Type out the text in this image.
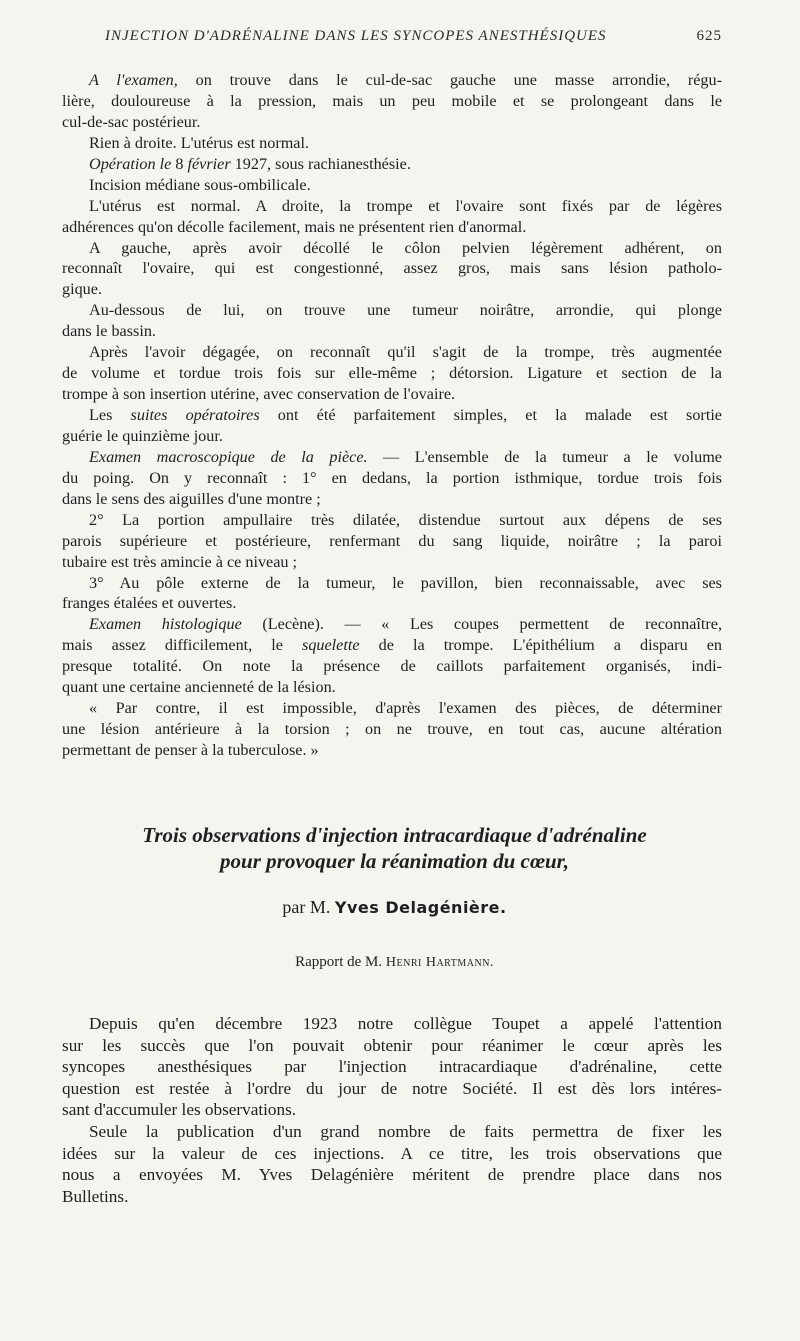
INJECTION D'ADRÉNALINE DANS LES SYNCOPES ANESTHÉSIQUES	625
A l'examen, on trouve dans le cul-de-sac gauche une masse arrondie, régu-
lière, douloureuse à la pression, mais un peu mobile et se prolongeant dans le
cul-de-sac postérieur.
Rien à droite. L'utérus est normal.
Opération le 8 février 1927, sous rachianesthésie.
Incision médiane sous-ombilicale.
L'utérus est normal. A droite, la trompe et l'ovaire sont fixés par de légères
adhérences qu'on décolle facilement, mais ne présentent rien d'anormal.
A gauche, après avoir décollé le côlon pelvien légèrement adhérent, on
reconnaît l'ovaire, qui est congestionné, assez gros, mais sans lésion patholo-
gique.
Au-dessous de lui, on trouve une tumeur noirâtre, arrondie, qui plonge
dans le bassin.
Après l'avoir dégagée, on reconnaît qu'il s'agit de la trompe, très augmentée
de volume et tordue trois fois sur elle-même ; détorsion. Ligature et section de la
trompe à son insertion utérine, avec conservation de l'ovaire.
Les suites opératoires ont été parfaitement simples, et la malade est sortie
guérie le quinzième jour.
Examen macroscopique de la pièce. — L'ensemble de la tumeur a le volume
du poing. On y reconnaît : 1° en dedans, la portion isthmique, tordue trois fois
dans le sens des aiguilles d'une montre ;
2° La portion ampullaire très dilatée, distendue surtout aux dépens de ses
parois supérieure et postérieure, renfermant du sang liquide, noirâtre ; la paroi
tubaire est très amincie à ce niveau ;
3° Au pôle externe de la tumeur, le pavillon, bien reconnaissable, avec ses
franges étalées et ouvertes.
Examen histologique (Lecène). — « Les coupes permettent de reconnaître,
mais assez difficilement, le squelette de la trompe. L'épithélium a disparu en
presque totalité. On note la présence de caillots parfaitement organisés, indi-
quant une certaine ancienneté de la lésion.
« Par contre, il est impossible, d'après l'examen des pièces, de déterminer
une lésion antérieure à la torsion ; on ne trouve, en tout cas, aucune altération
permettant de penser à la tuberculose. »
Trois observations d'injection intracardiaque d'adrénaline
pour provoquer la réanimation du cœur,
par M. Yves Delagénière.
Rapport de M. Henri Hartmann.
Depuis qu'en décembre 1923 notre collègue Toupet a appelé l'attention
sur les succès que l'on pouvait obtenir pour réanimer le cœur après les
syncopes anesthésiques par l'injection intracardiaque d'adrénaline, cette
question est restée à l'ordre du jour de notre Société. Il est dès lors intéres-
sant d'accumuler les observations.
Seule la publication d'un grand nombre de faits permettra de fixer les
idées sur la valeur de ces injections. A ce titre, les trois observations que
nous a envoyées M. Yves Delagénière méritent de prendre place dans nos
Bulletins.
